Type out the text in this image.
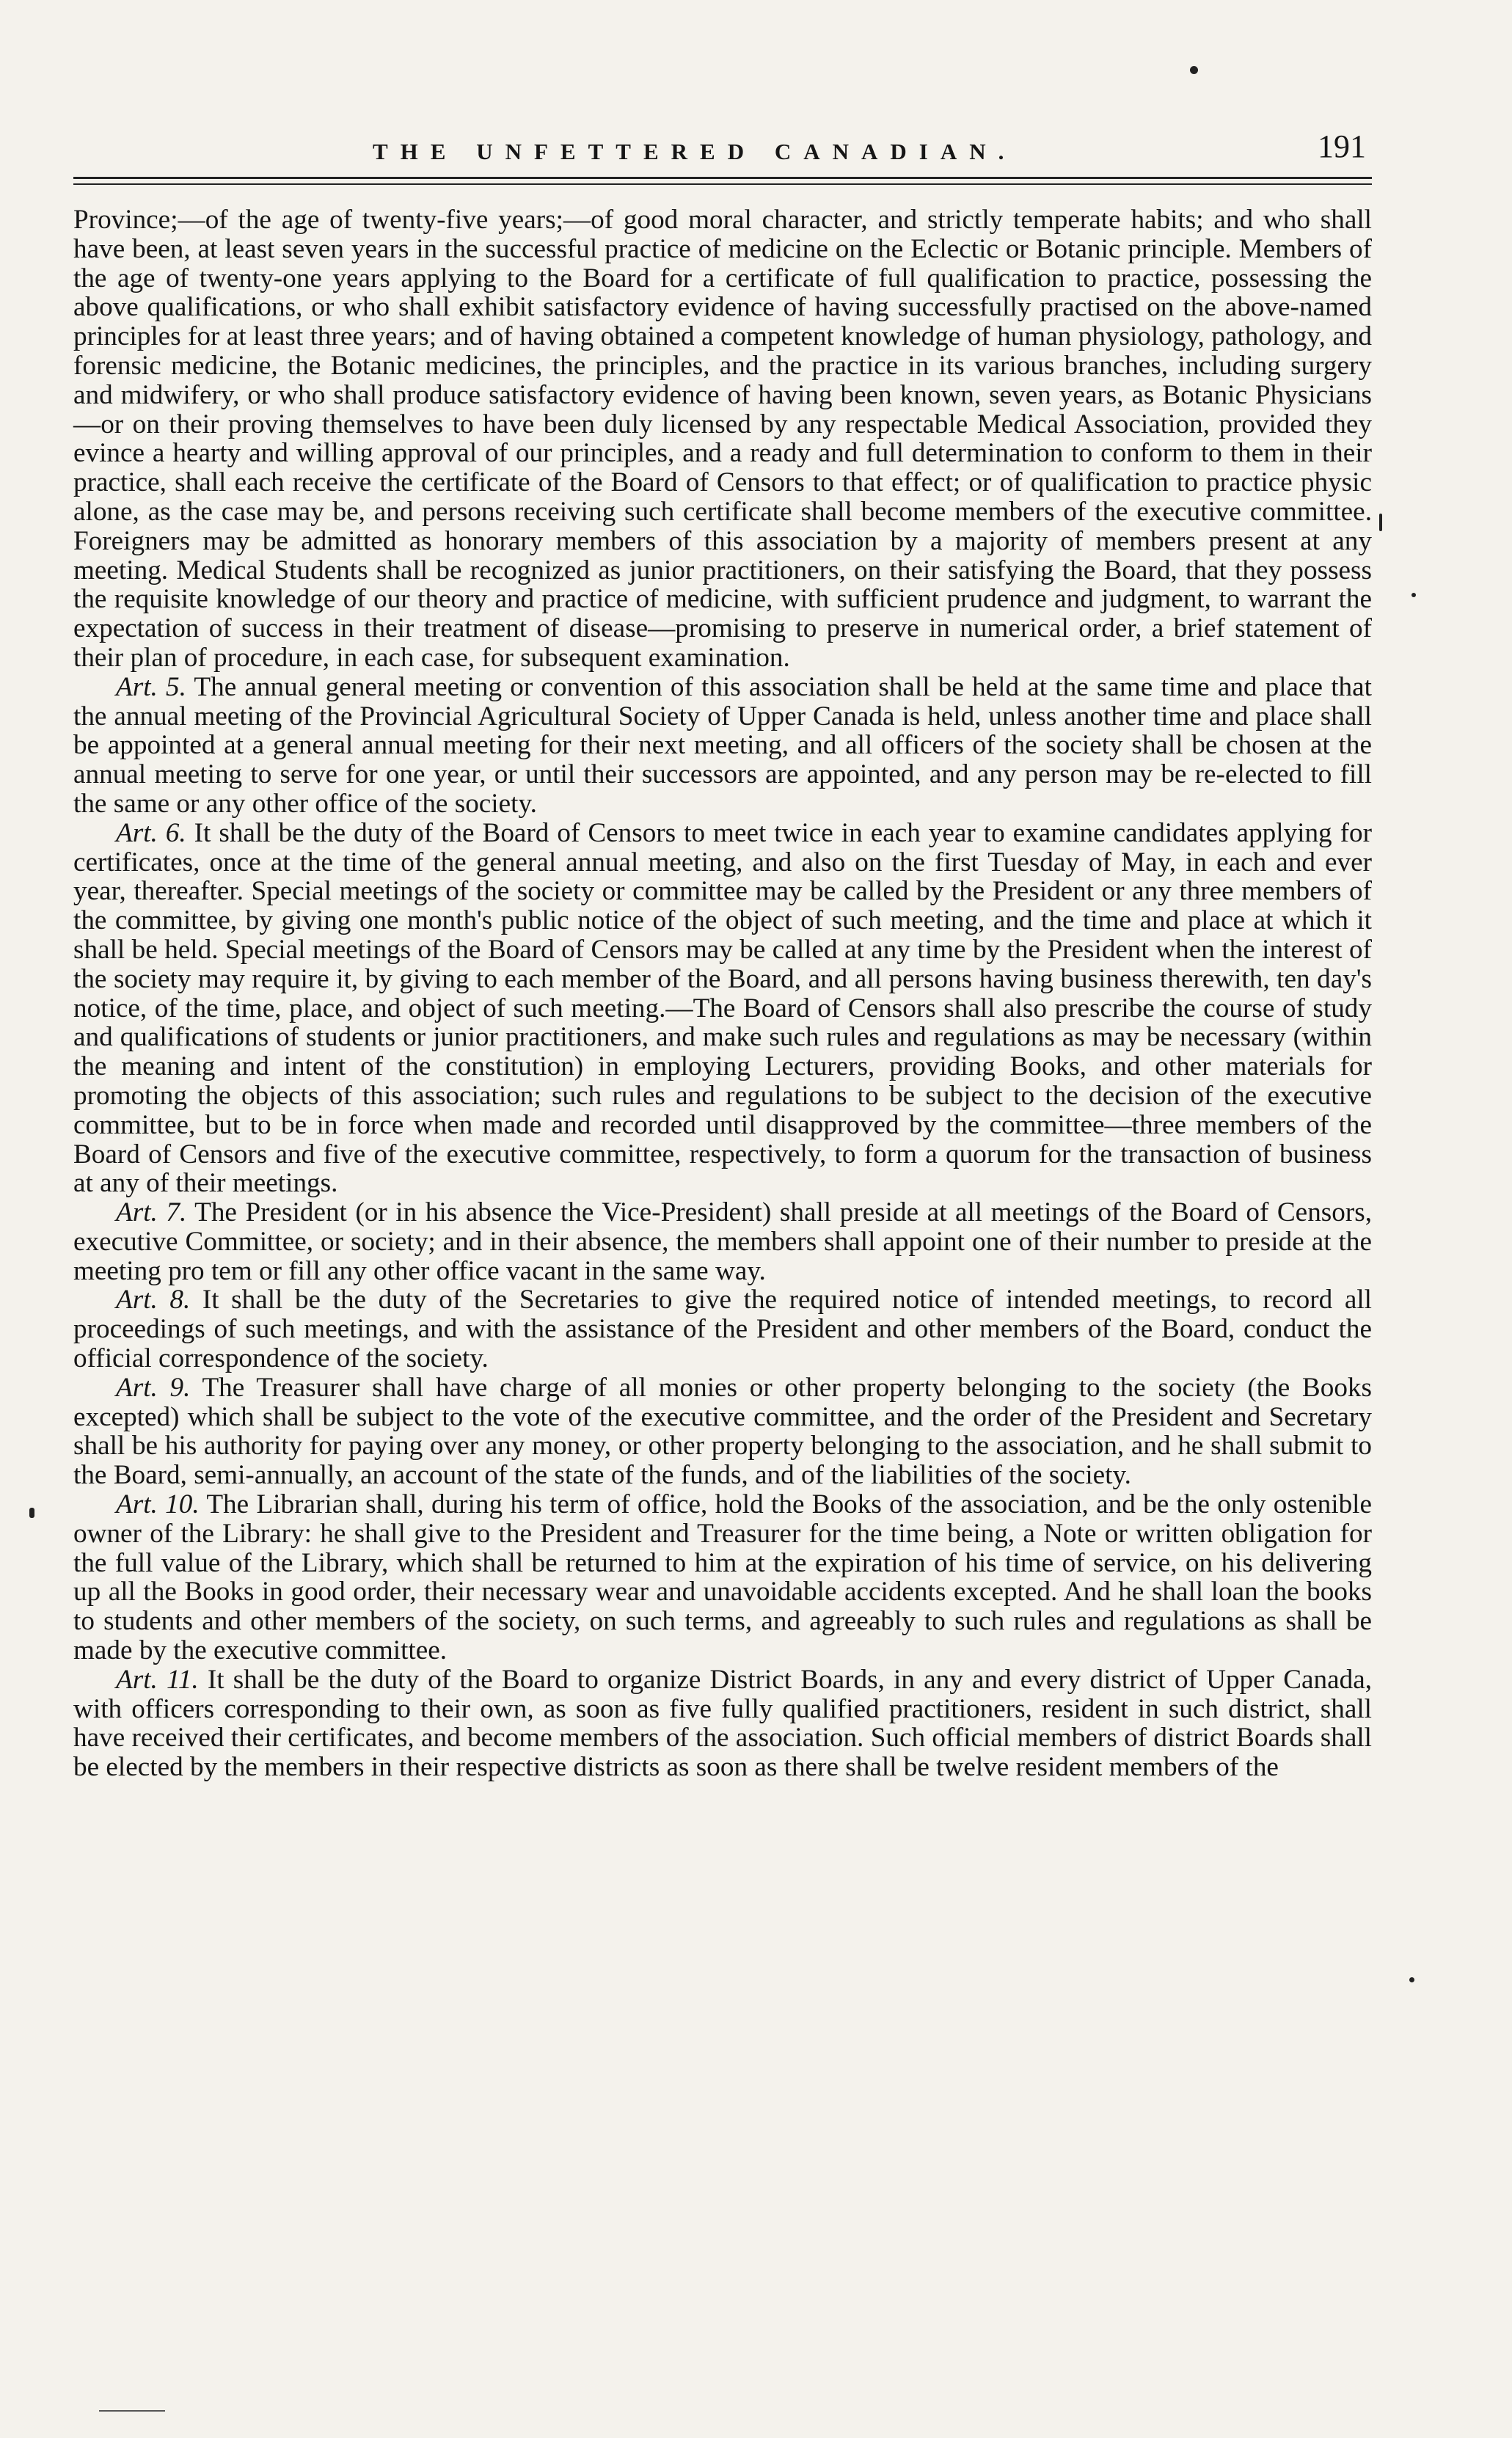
THE UNFETTERED CANADIAN.	191

Province;—of the age of twenty-five years;—of good moral character, and strictly temperate habits; and who shall have been, at least seven years in the successful practice of medicine on the Eclectic or Botanic principle. Members of the age of twenty-one years applying to the Board for a certificate of full qualification to practice, possessing the above qualifications, or who shall exhibit satisfactory evidence of having successfully practised on the above-named principles for at least three years; and of having obtained a competent knowledge of human physiology, pathology, and forensic medicine, the Botanic medicines, the principles, and the practice in its various branches, including surgery and midwifery, or who shall produce satisfactory evidence of having been known, seven years, as Botanic Physicians—or on their proving themselves to have been duly licensed by any respectable Medical Association, provided they evince a hearty and willing approval of our principles, and a ready and full determination to conform to them in their practice, shall each receive the certificate of the Board of Censors to that effect; or of qualification to practice physic alone, as the case may be, and persons receiving such certificate shall become members of the executive committee. Foreigners may be admitted as honorary members of this association by a majority of members present at any meeting. Medical Students shall be recognized as junior practitioners, on their satisfying the Board, that they possess the requisite knowledge of our theory and practice of medicine, with sufficient prudence and judgment, to warrant the expectation of success in their treatment of disease—promising to preserve in numerical order, a brief statement of their plan of procedure, in each case, for subsequent examination.

Art. 5. The annual general meeting or convention of this association shall be held at the same time and place that the annual meeting of the Provincial Agricultural Society of Upper Canada is held, unless another time and place shall be appointed at a general annual meeting for their next meeting, and all officers of the society shall be chosen at the annual meeting to serve for one year, or until their successors are appointed, and any person may be re-elected to fill the same or any other office of the society.

Art. 6. It shall be the duty of the Board of Censors to meet twice in each year to examine candidates applying for certificates, once at the time of the general annual meeting, and also on the first Tuesday of May, in each and ever year, thereafter. Special meetings of the society or committee may be called by the President or any three members of the committee, by giving one month's public notice of the object of such meeting, and the time and place at which it shall be held. Special meetings of the Board of Censors may be called at any time by the President when the interest of the society may require it, by giving to each member of the Board, and all persons having business therewith, ten day's notice, of the time, place, and object of such meeting.—The Board of Censors shall also prescribe the course of study and qualifications of students or junior practitioners, and make such rules and regulations as may be necessary (within the meaning and intent of the constitution) in employing Lecturers, providing Books, and other materials for promoting the objects of this association; such rules and regulations to be subject to the decision of the executive committee, but to be in force when made and recorded until disapproved by the committee—three members of the Board of Censors and five of the executive committee, respectively, to form a quorum for the transaction of business at any of their meetings.

Art. 7. The President (or in his absence the Vice-President) shall preside at all meetings of the Board of Censors, executive Committee, or society; and in their absence, the members shall appoint one of their number to preside at the meeting pro tem or fill any other office vacant in the same way.

Art. 8. It shall be the duty of the Secretaries to give the required notice of intended meetings, to record all proceedings of such meetings, and with the assistance of the President and other members of the Board, conduct the official correspondence of the society.

Art. 9. The Treasurer shall have charge of all monies or other property belonging to the society (the Books excepted) which shall be subject to the vote of the executive committee, and the order of the President and Secretary shall be his authority for paying over any money, or other property belonging to the association, and he shall submit to the Board, semi-annually, an account of the state of the funds, and of the liabilities of the society.

Art. 10. The Librarian shall, during his term of office, hold the Books of the association, and be the only ostenible owner of the Library: he shall give to the President and Treasurer for the time being, a Note or written obligation for the full value of the Library, which shall be returned to him at the expiration of his time of service, on his delivering up all the Books in good order, their necessary wear and unavoidable accidents excepted. And he shall loan the books to students and other members of the society, on such terms, and agreeably to such rules and regulations as shall be made by the executive committee.

Art. 11. It shall be the duty of the Board to organize District Boards, in any and every district of Upper Canada, with officers corresponding to their own, as soon as five fully qualified practitioners, resident in such district, shall have received their certificates, and become members of the association. Such official members of district Boards shall be elected by the members in their respective districts as soon as there shall be twelve resident members of the
